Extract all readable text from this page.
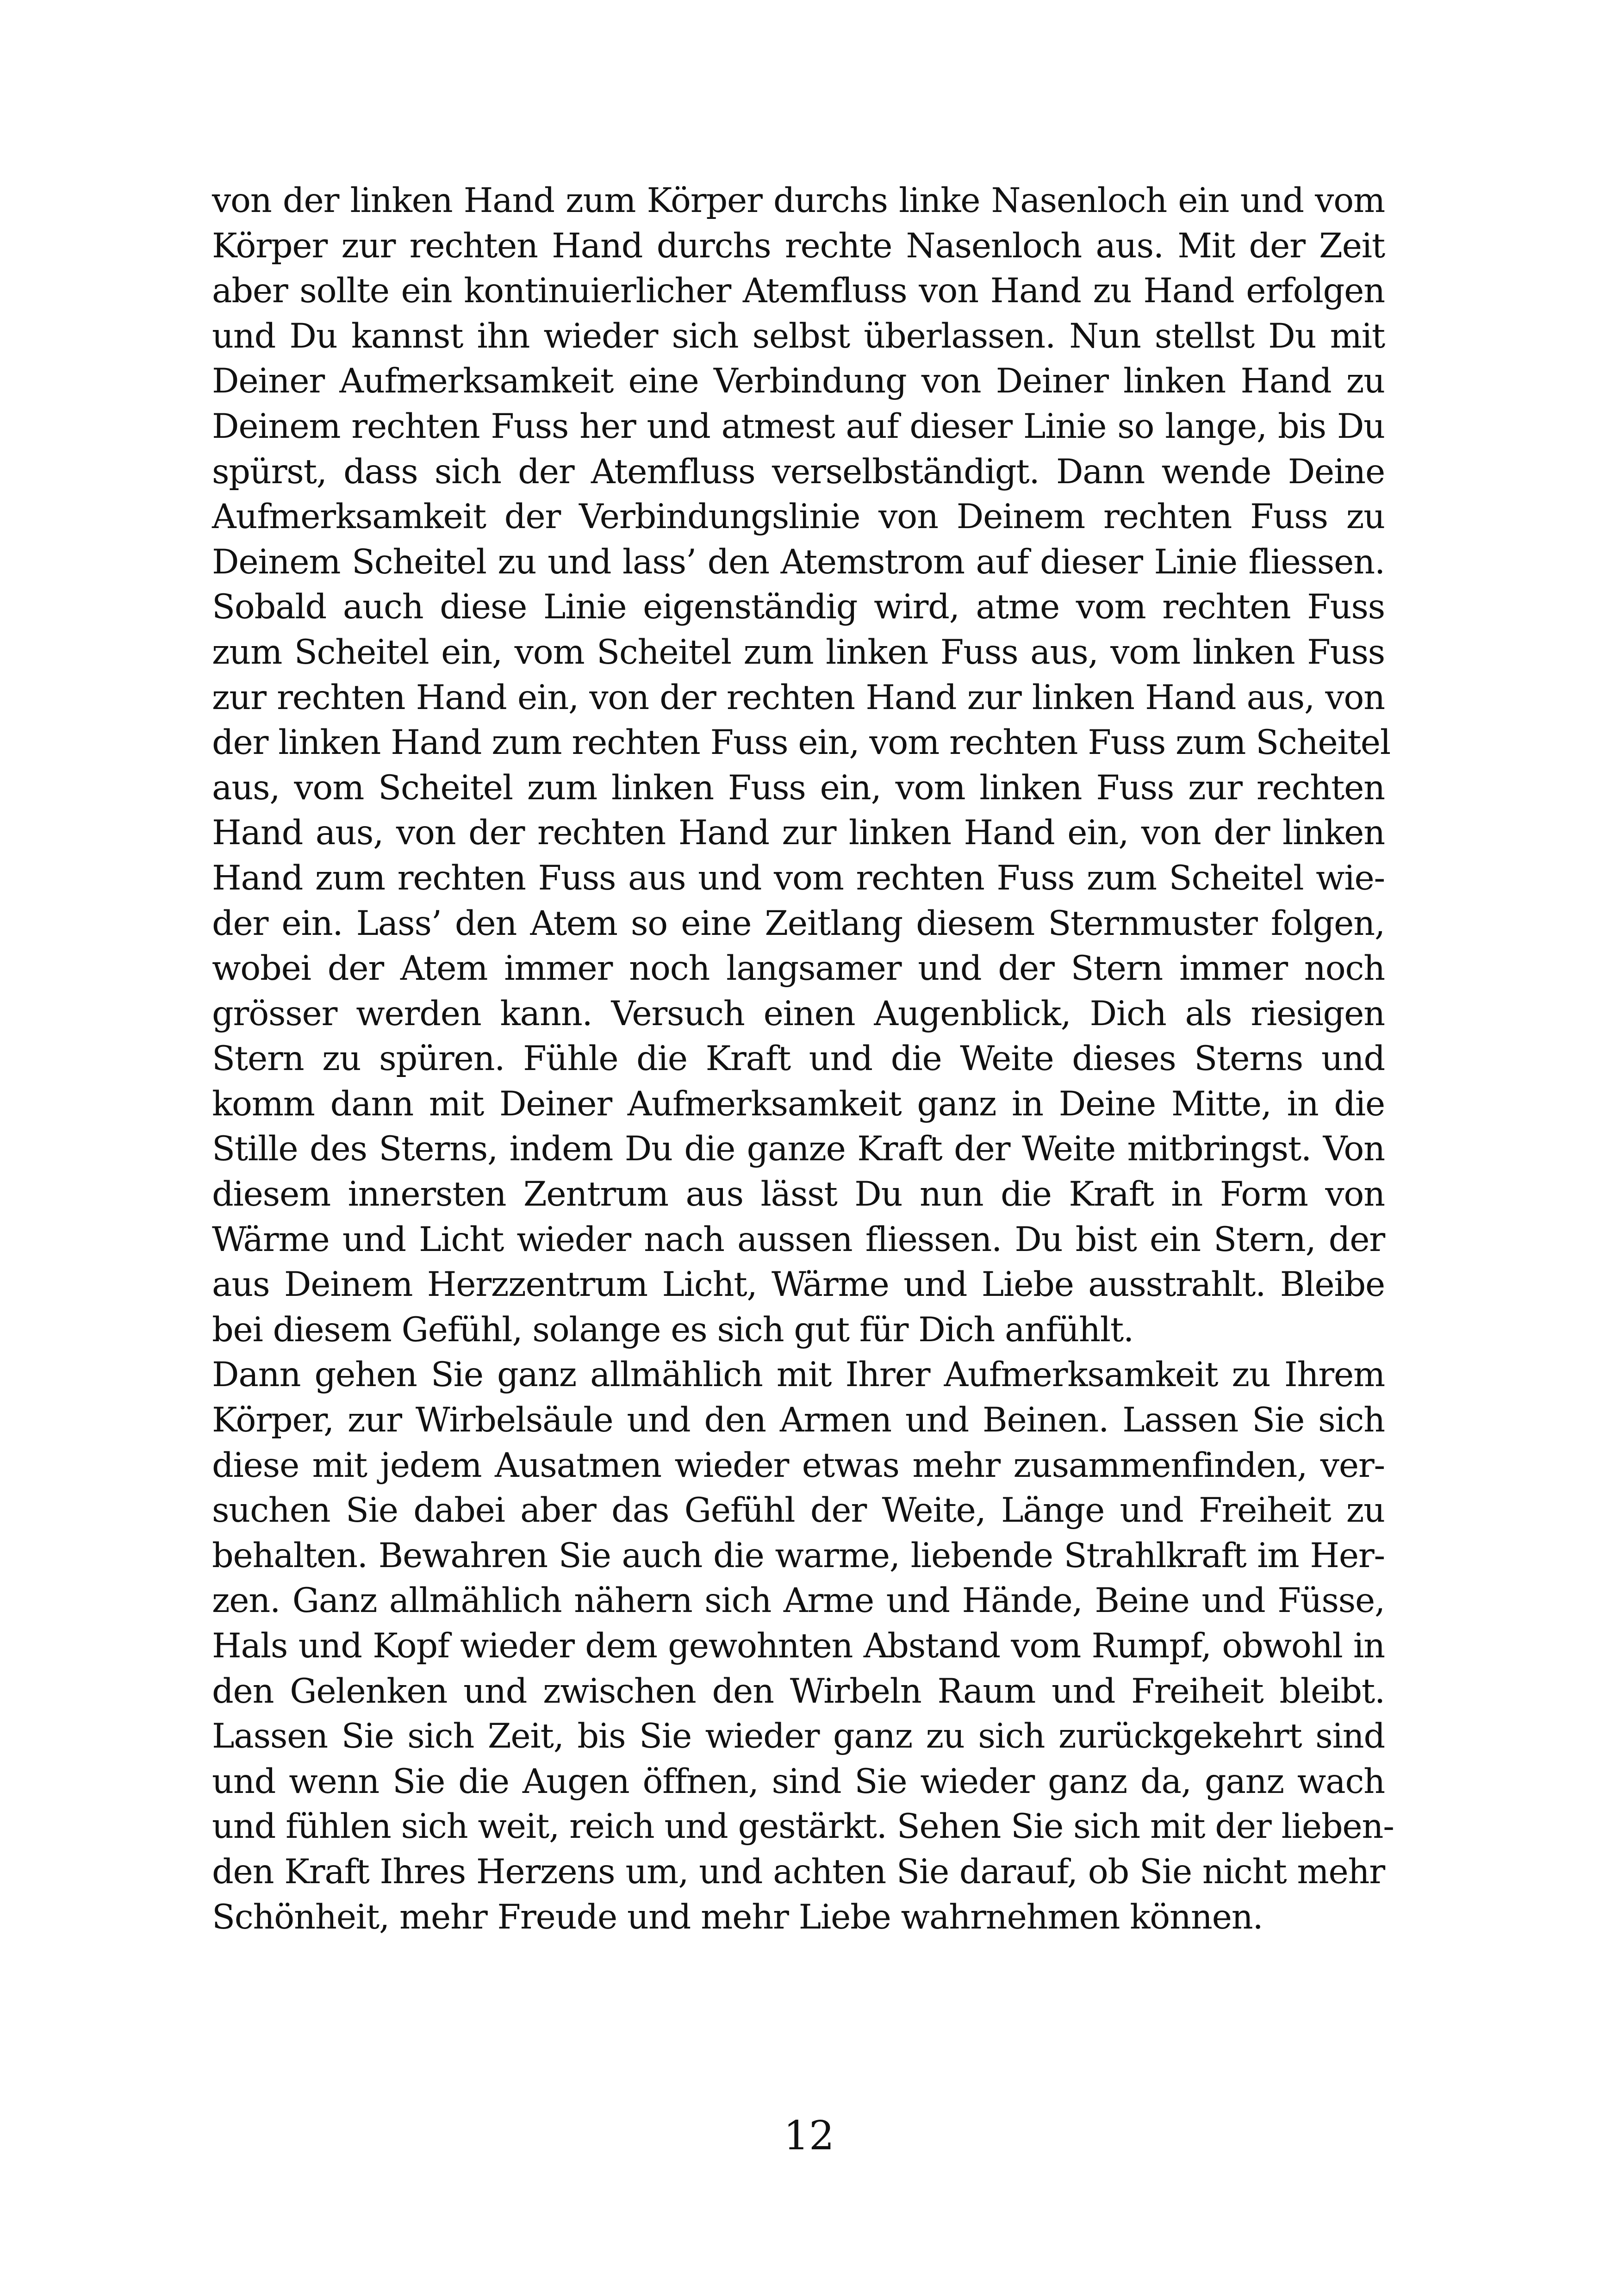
von der linken Hand zum Körper durchs linke Nasenloch ein und vom
Körper zur rechten Hand durchs rechte Nasenloch aus. Mit der Zeit
aber sollte ein kontinuierlicher Atemfluss von Hand zu Hand erfolgen
und Du kannst ihn wieder sich selbst überlassen. Nun stellst Du mit
Deiner Aufmerksamkeit eine Verbindung von Deiner linken Hand zu
Deinem rechten Fuss her und atmest auf dieser Linie so lange, bis Du
spürst, dass sich der Atemfluss verselbständigt. Dann wende Deine
Aufmerksamkeit der Verbindungslinie von Deinem rechten Fuss zu
Deinem Scheitel zu und lass’ den Atemstrom auf dieser Linie fliessen.
Sobald auch diese Linie eigenständig wird, atme vom rechten Fuss
zum Scheitel ein, vom Scheitel zum linken Fuss aus, vom linken Fuss
zur rechten Hand ein, von der rechten Hand zur linken Hand aus, von
der linken Hand zum rechten Fuss ein, vom rechten Fuss zum Scheitel
aus, vom Scheitel zum linken Fuss ein, vom linken Fuss zur rechten
Hand aus, von der rechten Hand zur linken Hand ein, von der linken
Hand zum rechten Fuss aus und vom rechten Fuss zum Scheitel wie-
der ein. Lass’ den Atem so eine Zeitlang diesem Sternmuster folgen,
wobei der Atem immer noch langsamer und der Stern immer noch
grösser werden kann. Versuch einen Augenblick, Dich als riesigen
Stern zu spüren. Fühle die Kraft und die Weite dieses Sterns und
komm dann mit Deiner Aufmerksamkeit ganz in Deine Mitte, in die
Stille des Sterns, indem Du die ganze Kraft der Weite mitbringst. Von
diesem innersten Zentrum aus lässt Du nun die Kraft in Form von
Wärme und Licht wieder nach aussen fliessen. Du bist ein Stern, der
aus Deinem Herzzentrum Licht, Wärme und Liebe ausstrahlt. Bleibe
bei diesem Gefühl, solange es sich gut für Dich anfühlt.
Dann gehen Sie ganz allmählich mit Ihrer Aufmerksamkeit zu Ihrem
Körper, zur Wirbelsäule und den Armen und Beinen. Lassen Sie sich
diese mit jedem Ausatmen wieder etwas mehr zusammenfinden, ver-
suchen Sie dabei aber das Gefühl der Weite, Länge und Freiheit zu
behalten. Bewahren Sie auch die warme, liebende Strahlkraft im Her-
zen. Ganz allmählich nähern sich Arme und Hände, Beine und Füsse,
Hals und Kopf wieder dem gewohnten Abstand vom Rumpf, obwohl in
den Gelenken und zwischen den Wirbeln Raum und Freiheit bleibt.
Lassen Sie sich Zeit, bis Sie wieder ganz zu sich zurückgekehrt sind
und wenn Sie die Augen öffnen, sind Sie wieder ganz da, ganz wach
und fühlen sich weit, reich und gestärkt. Sehen Sie sich mit der lieben-
den Kraft Ihres Herzens um, und achten Sie darauf, ob Sie nicht mehr
Schönheit, mehr Freude und mehr Liebe wahrnehmen können.
12
